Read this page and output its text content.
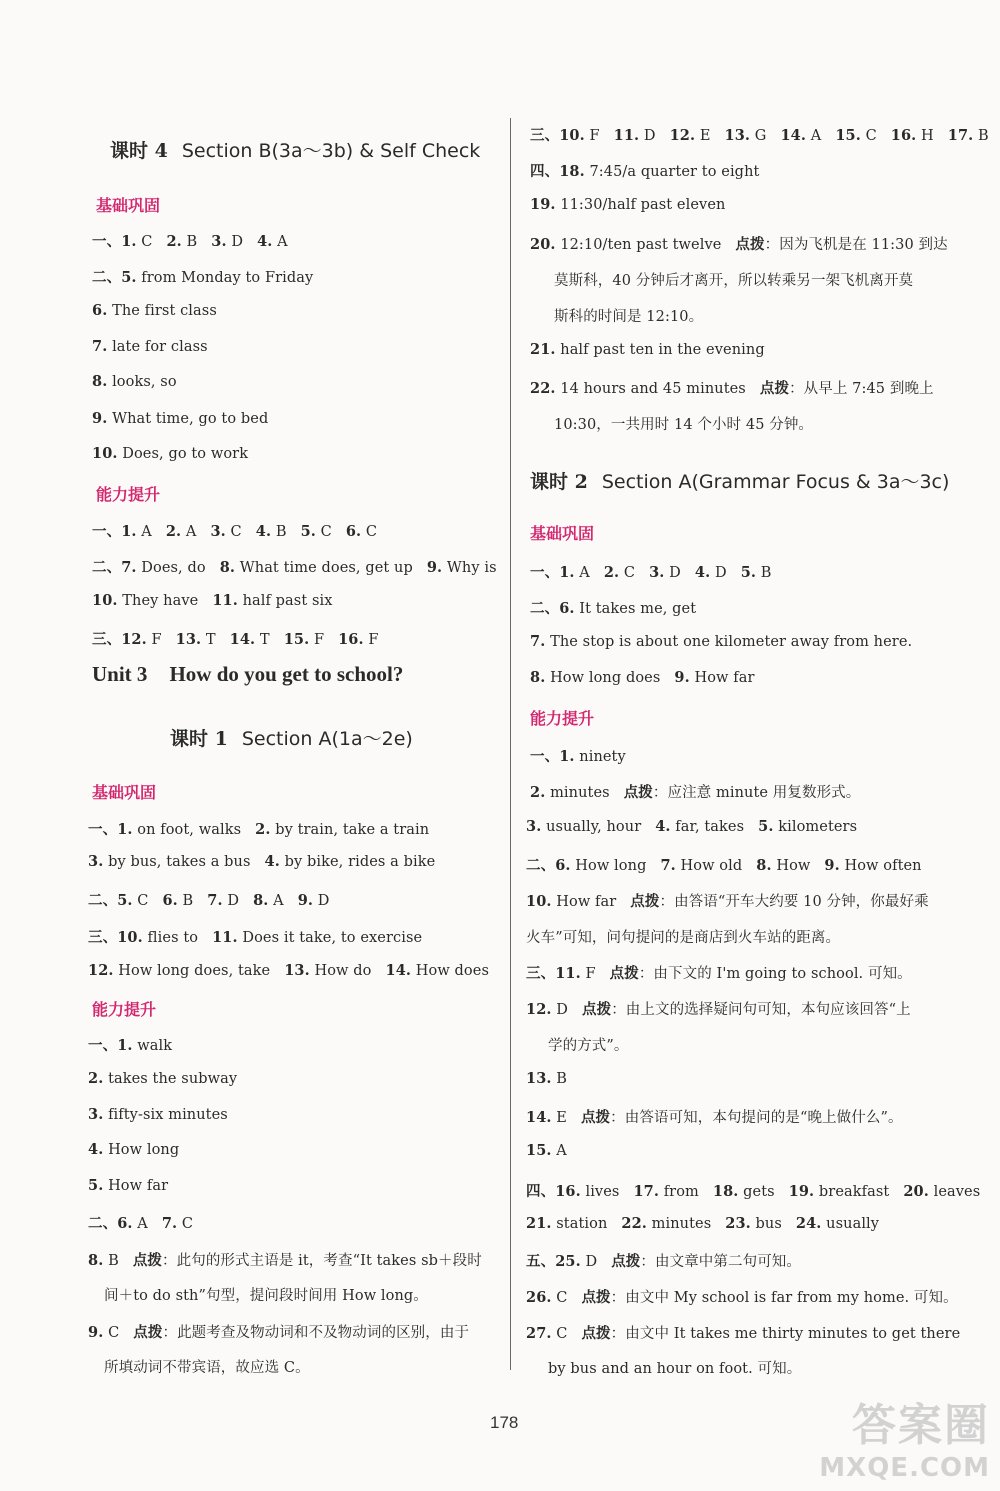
课时 4 Section B(3a～3b) & Self Check
基础巩固
一、1. C 2. B 3. D 4. A
二、5. from Monday to Friday
6. The first class
7. late for class
8. looks, so
9. What time, go to bed
10. Does, go to work
能力提升
一、1. A 2. A 3. C 4. B 5. C 6. C
二、7. Does, do 8. What time does, get up 9. Why is
10. They have 11. half past six
三、12. F 13. T 14. T 15. F 16. F
Unit 3 How do you get to school?
课时 1 Section A(1a～2e)
基础巩固
一、1. on foot, walks 2. by train, take a train
3. by bus, takes a bus 4. by bike, rides a bike
二、5. C 6. B 7. D 8. A 9. D
三、10. flies to 11. Does it take, to exercise
12. How long does, take 13. How do 14. How does
能力提升
一、1. walk
2. takes the subway
3. fifty-six minutes
4. How long
5. How far
二、6. A 7. C
8. B 点拨：此句的形式主语是 it，考查“It takes sb＋段时
间＋to do sth”句型，提问段时间用 How long。
9. C 点拨：此题考查及物动词和不及物动词的区别，由于
所填动词不带宾语，故应选 C。
三、10. F 11. D 12. E 13. G 14. A 15. C 16. H 17. B
四、18. 7:45/a quarter to eight
19. 11:30/half past eleven
20. 12:10/ten past twelve 点拨：因为飞机是在 11:30 到达
莫斯科，40 分钟后才离开，所以转乘另一架飞机离开莫
斯科的时间是 12:10。
21. half past ten in the evening
22. 14 hours and 45 minutes 点拨：从早上 7:45 到晚上
10:30，一共用时 14 个小时 45 分钟。
课时 2 Section A(Grammar Focus & 3a～3c)
基础巩固
一、1. A 2. C 3. D 4. D 5. B
二、6. It takes me, get
7. The stop is about one kilometer away from here.
8. How long does 9. How far
能力提升
一、1. ninety
2. minutes 点拨：应注意 minute 用复数形式。
3. usually, hour 4. far, takes 5. kilometers
二、6. How long 7. How old 8. How 9. How often
10. How far 点拨：由答语“开车大约要 10 分钟，你最好乘
火车”可知，问句提问的是商店到火车站的距离。
三、11. F 点拨：由下文的 I'm going to school. 可知。
12. D 点拨：由上文的选择疑问句可知，本句应该回答“上
学的方式”。
13. B
14. E 点拨：由答语可知，本句提问的是“晚上做什么”。
15. A
四、16. lives 17. from 18. gets 19. breakfast 20. leaves
21. station 22. minutes 23. bus 24. usually
五、25. D 点拨：由文章中第二句可知。
26. C 点拨：由文中 My school is far from my home. 可知。
27. C 点拨：由文中 It takes me thirty minutes to get there
by bus and an hour on foot. 可知。
178	答案圈
MXQE.COM
